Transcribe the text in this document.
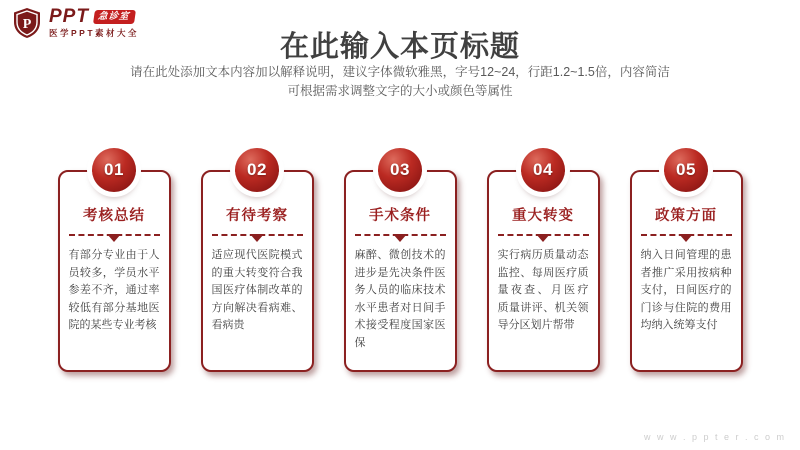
P PPT 急诊室
医学PPT素材大全	在此输入本页标题
请在此处添加文本内容加以解释说明，建议字体微软雅黑，字号12~24，行距1.2~1.5倍，内容简洁
可根据需求调整文字的大小或颜色等属性
01
考核总结
有部分专业由于人员较多，学员水平参差不齐，通过率较低有部分基地医院的某些专业考核
02
有待考察
适应现代医院模式的重大转变符合我国医疗体制改革的方向解决看病难、看病贵
03
手术条件
麻醉、微创技术的进步是先决条件医务人员的临床技术水平患者对日间手术接受程度国家医保
04
重大转变
实行病历质量动态监控、每周医疗质量夜查、月医疗 质量讲评、机关领导分区划片帮带
05
政策方面
纳入日间管理的患者推广采用按病种支付，日间医疗的门诊与住院的费用均纳入统筹支付
w w w . p p t e r . c o m
